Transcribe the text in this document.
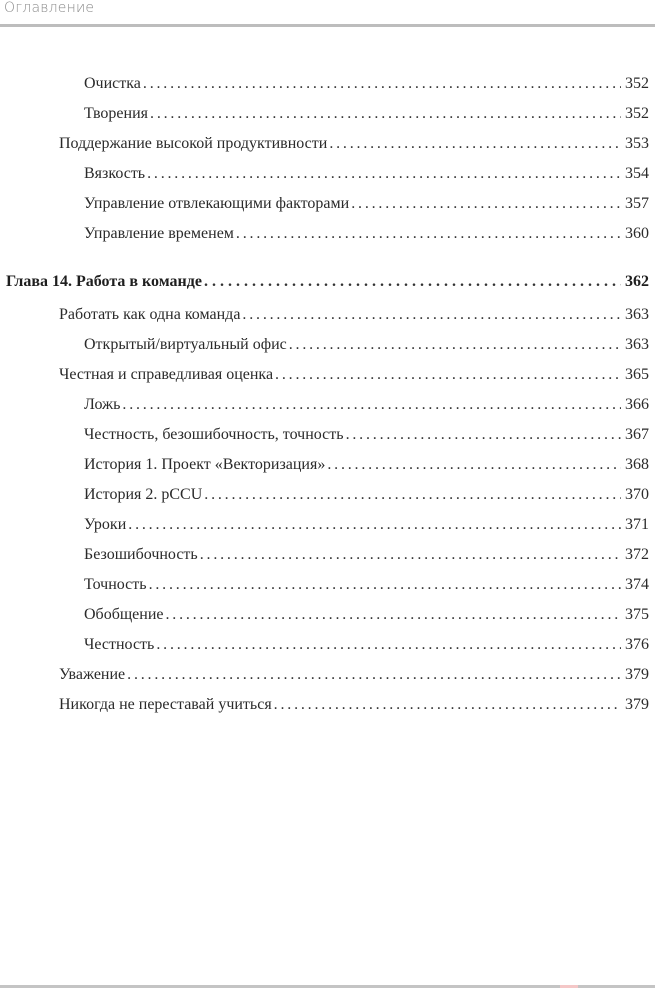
Оглавление
Очистка . . .	352
Творения . . .	352
Поддержание высокой продуктивности . . .	353
Вязкость . . .	354
Управление отвлекающими факторами . . .	357
Управление временем . . .	360
Глава 14. Работа в команде . . .	362
Работать как одна команда . . .	363
Открытый/виртуальный офис . . .	363
Честная и справедливая оценка . . .	365
Ложь . . .	366
Честность, безошибочность, точность . . .	367
История 1. Проект «Векторизация» . . .	368
История 2. pCCU . . .	370
Уроки . . .	371
Безошибочность . . .	372
Точность . . .	374
Обобщение . . .	375
Честность . . .	376
Уважение . . .	379
Никогда не переставай учиться . . .	379
